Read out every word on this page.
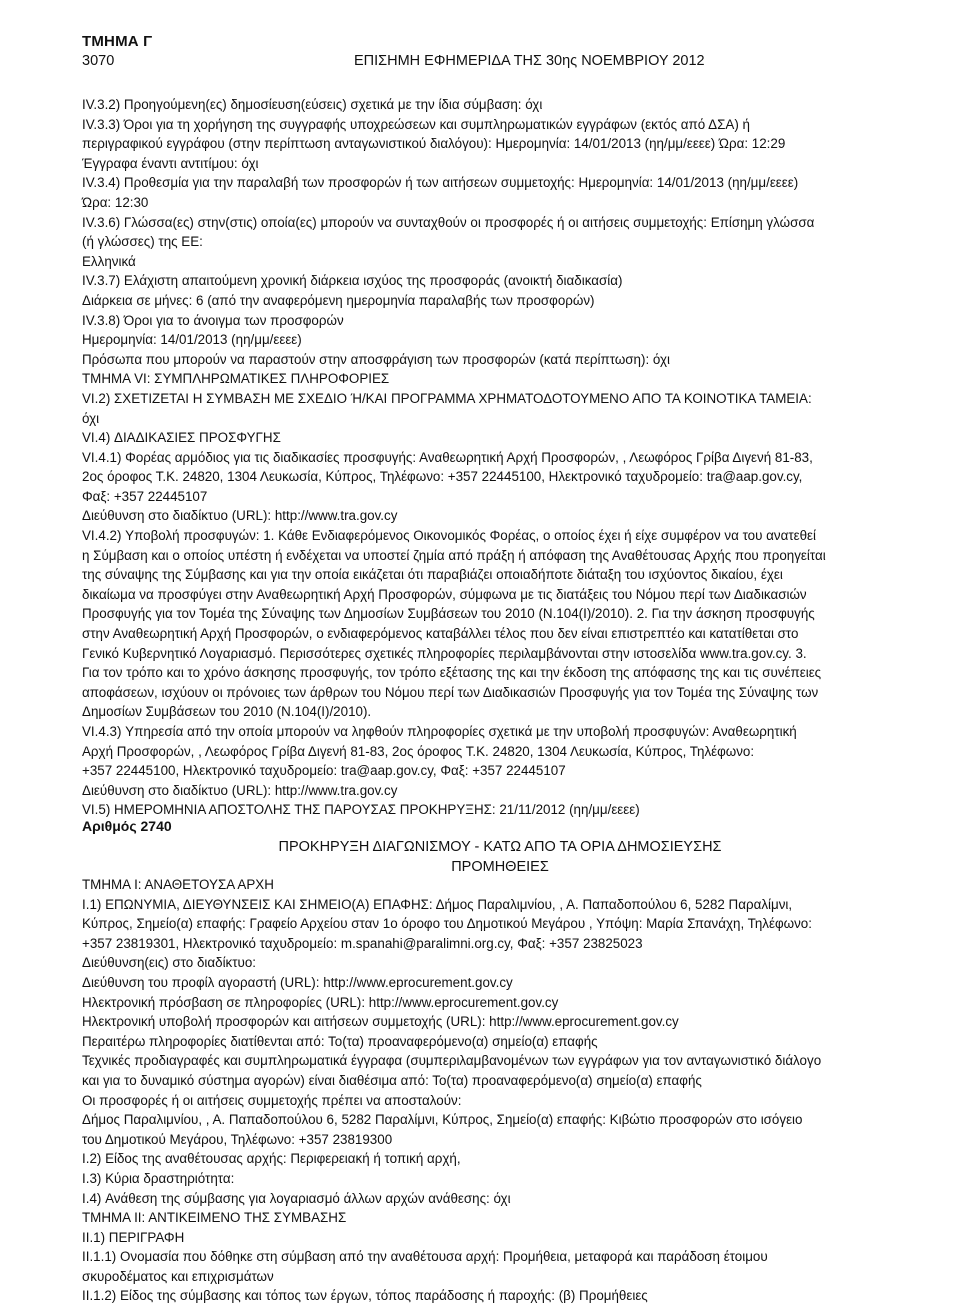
ΤΜΗΜΑ Γ
3070	ΕΠΙΣΗΜΗ ΕΦΗΜΕΡΙΔΑ ΤΗΣ 30ης ΝΟΕΜΒΡΙΟΥ 2012
IV.3.2) Προηγούμενη(ες) δημοσίευση(εύσεις) σχετικά με την ίδια σύμβαση: όχι
IV.3.3) Όροι για τη χορήγηση της συγγραφής υποχρεώσεων και συμπληρωματικών εγγράφων (εκτός από ΔΣΑ) ή
περιγραφικού εγγράφου (στην περίπτωση ανταγωνιστικού διαλόγου): Ημερομηνία: 14/01/2013 (ηη/μμ/εεεε) Ώρα: 12:29
Έγγραφα έναντι αντιτίμου: όχι
IV.3.4) Προθεσμία για την παραλαβή των προσφορών ή των αιτήσεων συμμετοχής: Ημερομηνία: 14/01/2013 (ηη/μμ/εεεε)
Ώρα: 12:30
IV.3.6) Γλώσσα(ες) στην(στις) οποία(ες) μπορούν να συνταχθούν οι προσφορές ή οι αιτήσεις συμμετοχής: Επίσημη γλώσσα
(ή γλώσσες) της ΕΕ:
Ελληνικά
IV.3.7) Ελάχιστη απαιτούμενη χρονική διάρκεια ισχύος της προσφοράς (ανοικτή διαδικασία)
Διάρκεια σε μήνες: 6 (από την αναφερόμενη ημερομηνία παραλαβής των προσφορών)
IV.3.8) Όροι για το άνοιγμα των προσφορών
Ημερομηνία: 14/01/2013 (ηη/μμ/εεεε)
Πρόσωπα που μπορούν να παραστούν στην αποσφράγιση των προσφορών (κατά περίπτωση): όχι
ΤΜΗΜΑ VI: ΣΥΜΠΛΗΡΩΜΑΤΙΚΕΣ ΠΛΗΡΟΦΟΡΙΕΣ
VI.2) ΣΧΕΤΙΖΕΤΑΙ Η ΣΥΜΒΑΣΗ ΜΕ ΣΧΕΔΙΟ Ή/ΚΑΙ ΠΡΟΓΡΑΜΜΑ ΧΡΗΜΑΤΟΔΟΤΟΥΜΕΝΟ ΑΠΟ ΤΑ ΚΟΙΝΟΤΙΚΑ ΤΑΜΕΙΑ:
όχι
VI.4) ΔΙΑΔΙΚΑΣΙΕΣ ΠΡΟΣΦΥΓΗΣ
VI.4.1) Φορέας αρμόδιος για τις διαδικασίες προσφυγής: Αναθεωρητική Αρχή Προσφορών, , Λεωφόρος Γρίβα Διγενή 81-83,
2ος όροφος Τ.Κ. 24820, 1304 Λευκωσία, Κύπρος, Τηλέφωνο: +357 22445100, Ηλεκτρονικό ταχυδρομείο: tra@aap.gov.cy,
Φαξ: +357 22445107
Διεύθυνση στο διαδίκτυο (URL): http://www.tra.gov.cy
VI.4.2) Υποβολή προσφυγών: 1. Κάθε Ενδιαφερόμενος Οικονομικός Φορέας, ο οποίος έχει ή είχε συμφέρον να του ανατεθεί
η Σύμβαση και ο οποίος υπέστη ή ενδέχεται να υποστεί ζημία από πράξη ή απόφαση της Αναθέτουσας Αρχής που προηγείται
της σύναψης της Σύμβασης και για την οποία εικάζεται ότι παραβιάζει οποιαδήποτε διάταξη του ισχύοντος δικαίου, έχει
δικαίωμα να προσφύγει στην Αναθεωρητική Αρχή Προσφορών, σύμφωνα με τις διατάξεις του Νόμου περί των Διαδικασιών
Προσφυγής για τον Τομέα της Σύναψης των Δημοσίων Συμβάσεων του 2010 (Ν.104(Ι)/2010). 2. Για την άσκηση προσφυγής
στην Αναθεωρητική Αρχή Προσφορών, ο ενδιαφερόμενος καταβάλλει τέλος που δεν είναι επιστρεπτέο και κατατίθεται στο
Γενικό Κυβερνητικό Λογαριασμό. Περισσότερες σχετικές πληροφορίες περιλαμβάνονται στην ιστοσελίδα www.tra.gov.cy. 3.
Για τον τρόπο και το χρόνο άσκησης προσφυγής, τον τρόπο εξέτασης της και την έκδοση της απόφασης της και τις συνέπειες
αποφάσεων, ισχύουν οι πρόνοιες των άρθρων του Νόμου περί των Διαδικασιών Προσφυγής για τον Τομέα της Σύναψης των
Δημοσίων Συμβάσεων του 2010 (Ν.104(Ι)/2010).
VI.4.3) Υπηρεσία από την οποία μπορούν να ληφθούν πληροφορίες σχετικά με την υποβολή προσφυγών: Αναθεωρητική
Αρχή Προσφορών, , Λεωφόρος Γρίβα Διγενή 81-83, 2ος όροφος Τ.Κ. 24820, 1304 Λευκωσία, Κύπρος, Τηλέφωνο:
+357 22445100, Ηλεκτρονικό ταχυδρομείο: tra@aap.gov.cy, Φαξ: +357 22445107
Διεύθυνση στο διαδίκτυο (URL): http://www.tra.gov.cy
VI.5) ΗΜΕΡΟΜΗΝΙΑ ΑΠΟΣΤΟΛΗΣ ΤΗΣ ΠΑΡΟΥΣΑΣ ΠΡΟΚΗΡΥΞΗΣ: 21/11/2012 (ηη/μμ/εεεε)
Αριθμός 2740
ΠΡΟΚΗΡΥΞΗ ΔΙΑΓΩΝΙΣΜΟΥ - ΚΑΤΩ ΑΠΟ ΤΑ ΟΡΙΑ ΔΗΜΟΣΙΕΥΣΗΣ
ΠΡΟΜΗΘΕΙΕΣ
ΤΜΗΜΑ Ι: ΑΝΑΘΕΤΟΥΣΑ ΑΡΧΗ
I.1) ΕΠΩΝΥΜΙΑ, ΔΙΕΥΘΥΝΣΕΙΣ ΚΑΙ ΣΗΜΕΙΟ(Α) ΕΠΑΦΗΣ: Δήμος Παραλιμνίου, , Α. Παπαδοπούλου 6, 5282 Παραλίμνι,
Κύπρος, Σημείο(α) επαφής: Γραφείο Αρχείου σταν 1ο όροφο του Δημοτικού Μεγάρου , Υπόψη: Μαρία Σπανάχη, Τηλέφωνο:
+357 23819301, Ηλεκτρονικό ταχυδρομείο: m.spanahi@paralimni.org.cy, Φαξ: +357 23825023
Διεύθυνση(εις) στο διαδίκτυο:
Διεύθυνση του προφίλ αγοραστή (URL): http://www.eprocurement.gov.cy
Ηλεκτρονική πρόσβαση σε πληροφορίες (URL): http://www.eprocurement.gov.cy
Ηλεκτρονική υποβολή προσφορών και αιτήσεων συμμετοχής (URL): http://www.eprocurement.gov.cy
Περαιτέρω πληροφορίες διατίθενται από: Το(τα) προαναφερόμενο(α) σημείο(α) επαφής
Τεχνικές προδιαγραφές και συμπληρωματικά έγγραφα (συμπεριλαμβανομένων των εγγράφων για τον ανταγωνιστικό διάλογο
και για το δυναμικό σύστημα αγορών) είναι διαθέσιμα από: Το(τα) προαναφερόμενο(α) σημείο(α) επαφής
Οι προσφορές ή οι αιτήσεις συμμετοχής πρέπει να αποσταλούν:
Δήμος Παραλιμνίου, , Α. Παπαδοπούλου 6, 5282 Παραλίμνι, Κύπρος, Σημείο(α) επαφής: Κιβώτιο προσφορών στο ισόγειο
του Δημοτικού Μεγάρου, Τηλέφωνο: +357 23819300
I.2) Είδος της αναθέτουσας αρχής: Περιφερειακή ή τοπική αρχή,
I.3) Κύρια δραστηριότητα:
I.4) Ανάθεση της σύμβασης για λογαριασμό άλλων αρχών ανάθεσης: όχι
ΤΜΗΜΑ ΙΙ: ΑΝΤΙΚΕΙΜΕΝΟ ΤΗΣ ΣΥΜΒΑΣΗΣ
II.1) ΠΕΡΙΓΡΑΦΗ
II.1.1) Ονομασία που δόθηκε στη σύμβαση από την αναθέτουσα αρχή: Προμήθεια, μεταφορά και παράδοση έτοιμου
σκυροδέματος και επιχρισμάτων
II.1.2) Είδος της σύμβασης και τόπος των έργων, τόπος παράδοσης ή παροχής: (β) Προμήθειες
